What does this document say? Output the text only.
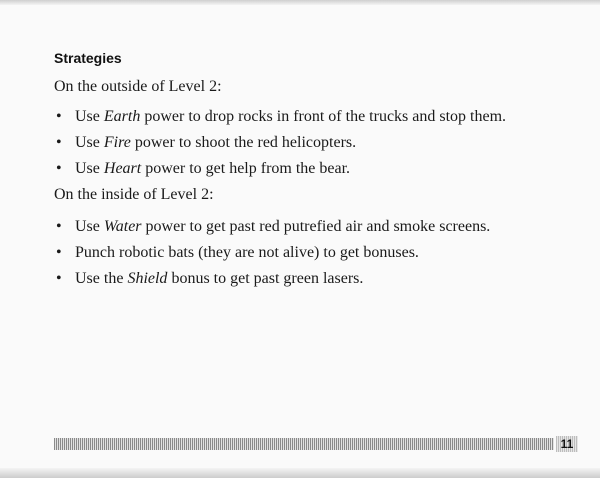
Strategies

On the outside of Level 2:

• Use Earth power to drop rocks in front of the trucks and stop them.
• Use Fire power to shoot the red helicopters.
• Use Heart power to get help from the bear.

On the inside of Level 2:

• Use Water power to get past red putrefied air and smoke screens.
• Punch robotic bats (they are not alive) to get bonuses.
• Use the Shield bonus to get past green lasers.
11
